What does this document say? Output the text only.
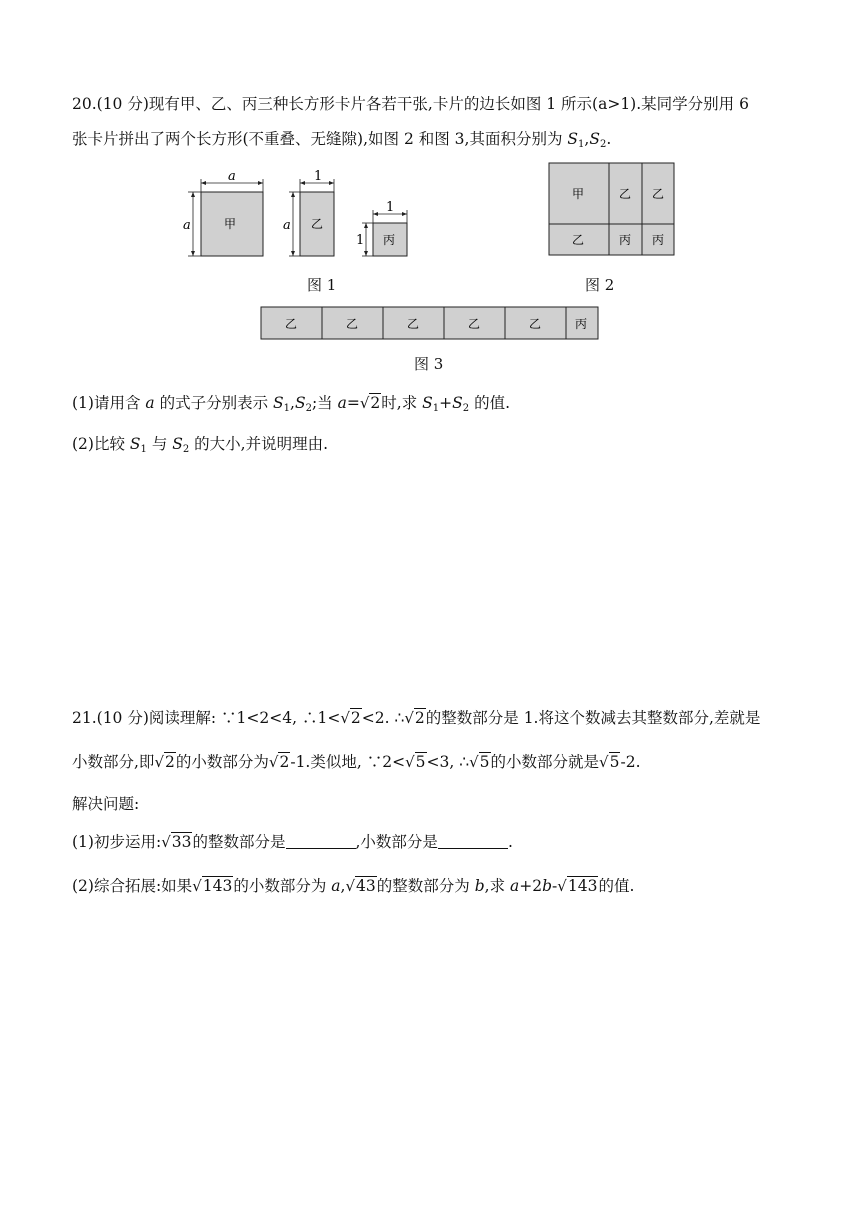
20.(10 分)现有甲、乙、丙三种长方形卡片各若干张,卡片的边长如图 1 所示(a>1).某同学分别用 6
张卡片拼出了两个长方形(不重叠、无缝隙),如图 2 和图 3,其面积分别为 $S_1,S_2$.
a
a	甲
1
a 乙
1
1 丙
图 1
甲	乙 乙
乙	丙 丙
图 2
乙	乙	乙	乙	乙	丙
图 3
(1)请用含 a 的式子分别表示 $S_1,S_2$;当 a=√2时,求 $S_1+S_2$ 的值.
(2)比较 $S_1$ 与 $S_2$ 的大小,并说明理由.
21.(10 分)阅读理解: ∵1<2<4, ∴1<√2<2. ∴√2的整数部分是 1.将这个数减去其整数部分,差就是
小数部分,即√2的小数部分为√2-1.类似地, ∵2<√5<3, ∴√5的小数部分就是√5-2.
解决问题:
(1)初步运用:√33的整数部分是	,小数部分是	.
(2)综合拓展:如果√143的小数部分为 a,√43的整数部分为 b,求 a+2b-√143的值.
